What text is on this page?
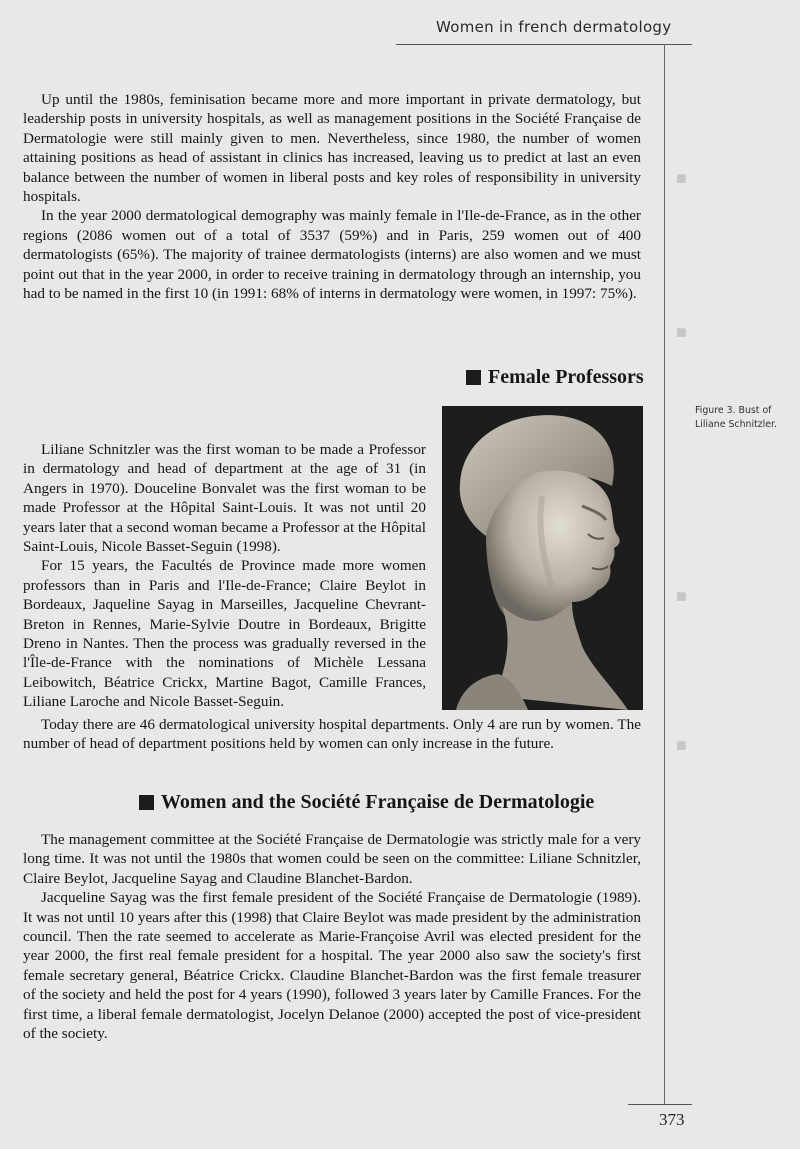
■
■
■
■
Women in french dermatology

Up until the 1980s, feminisation became more and more important in private dermatology, but leadership posts in university hospitals, as well as management positions in the Société Française de Dermatologie were still mainly given to men. Nevertheless, since 1980, the number of women attaining positions as head of assistant in clinics has increased, leaving us to predict at last an even balance between the number of women in liberal posts and key roles of responsibility in university hospitals.

In the year 2000 dermatological demography was mainly female in l'Ile-de-France, as in the other regions (2086 women out of a total of 3537 (59%) and in Paris, 259 women out of 400 dermatologists (65%). The majority of trainee dermatologists (interns) are also women and we must point out that in the year 2000, in order to receive training in dermatology through an internship, you had to be named in the first 10 (in 1991: 68% of interns in dermatology were women, in 1997: 75%).

Female Professors

Liliane Schnitzler was the first woman to be made a Professor in dermatology and head of department at the age of 31 (in Angers in 1970). Douceline Bonvalet was the first woman to be made Professor at the Hôpital Saint-Louis. It was not until 20 years later that a second woman became a Professor at the Hôpital Saint-Louis, Nicole Basset-Seguin (1998).

For 15 years, the Facultés de Province made more women professors than in Paris and l'Ile-de-France; Claire Beylot in Bordeaux, Jaqueline Sayag in Marseilles, Jacqueline Chevrant-Breton in Rennes, Marie-Sylvie Doutre in Bordeaux, Brigitte Dreno in Nantes. Then the process was gradually reversed in the l'Île-de-France with the nominations of Michèle Lessana Leibowitch, Béatrice Crickx, Martine Bagot, Camille Frances, Liliane Laroche and Nicole Basset-Seguin.

Today there are 46 dermatological university hospital departments. Only 4 are run by women. The number of head of department positions held by women can only increase in the future.

Figure 3. Bust of Liliane Schnitzler.
Women and the Société Française de Dermatologie

The management committee at the Société Française de Dermatologie was strictly male for a very long time. It was not until the 1980s that women could be seen on the committee: Liliane Schnitzler, Claire Beylot, Jacqueline Sayag and Claudine Blanchet-Bardon.

Jacqueline Sayag was the first female president of the Société Française de Dermatologie (1989). It was not until 10 years after this (1998) that Claire Beylot was made president by the administration council. Then the rate seemed to accelerate as Marie-Françoise Avril was elected president for the year 2000, the first real female president for a hospital. The year 2000 also saw the society's first female secretary general, Béatrice Crickx. Claudine Blanchet-Bardon was the first female treasurer of the society and held the post for 4 years (1990), followed 3 years later by Camille Frances. For the first time, a liberal female dermatologist, Jocelyn Delanoe (2000) accepted the post of vice-president of the society.

373
